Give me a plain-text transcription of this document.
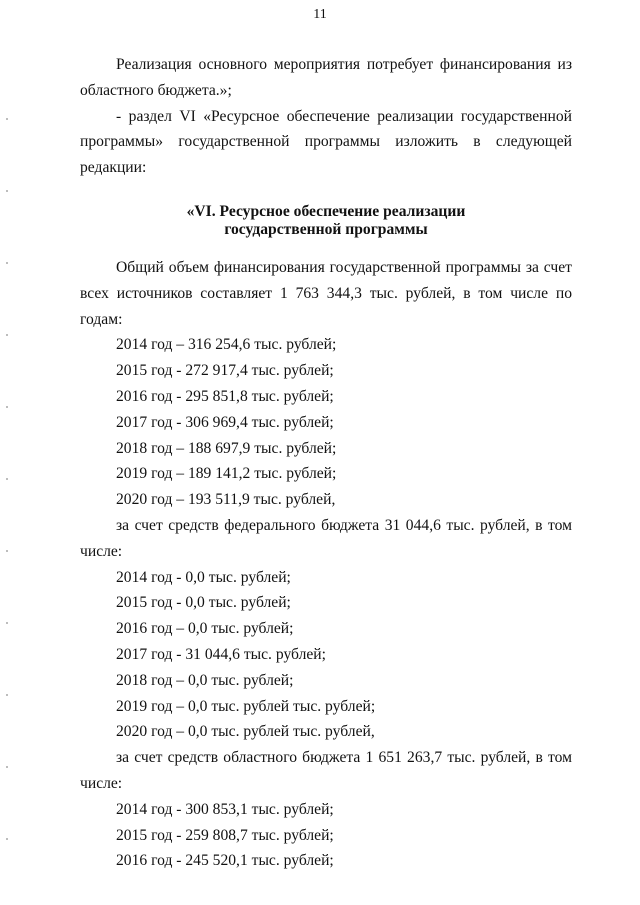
11

Реализация основного мероприятия потребует финансирования из областного бюджета.»;

- раздел VI «Ресурсное обеспечение реализации государственной программы» государственной программы изложить в следующей редакции:

«VI. Ресурсное обеспечение реализации
государственной программы

Общий объем финансирования государственной программы за счет всех источников составляет 1 763 344,3 тыс. рублей, в том числе по годам:

2014 год – 316 254,6 тыс. рублей;

2015 год - 272 917,4 тыс. рублей;

2016 год - 295 851,8 тыс. рублей;

2017 год - 306 969,4 тыс. рублей;

2018 год – 188 697,9 тыс. рублей;

2019 год – 189 141,2 тыс. рублей;

2020 год – 193 511,9 тыс. рублей,

за счет средств федерального бюджета 31 044,6 тыс. рублей, в том числе:

2014 год - 0,0 тыс. рублей;

2015 год - 0,0 тыс. рублей;

2016 год – 0,0 тыс. рублей;

2017 год - 31 044,6 тыс. рублей;

2018 год – 0,0 тыс. рублей;

2019 год – 0,0 тыс. рублей тыс. рублей;

2020 год – 0,0 тыс. рублей тыс. рублей,

за счет средств областного бюджета 1 651 263,7 тыс. рублей, в том числе:

2014 год - 300 853,1 тыс. рублей;

2015 год - 259 808,7 тыс. рублей;

2016 год - 245 520,1 тыс. рублей;
